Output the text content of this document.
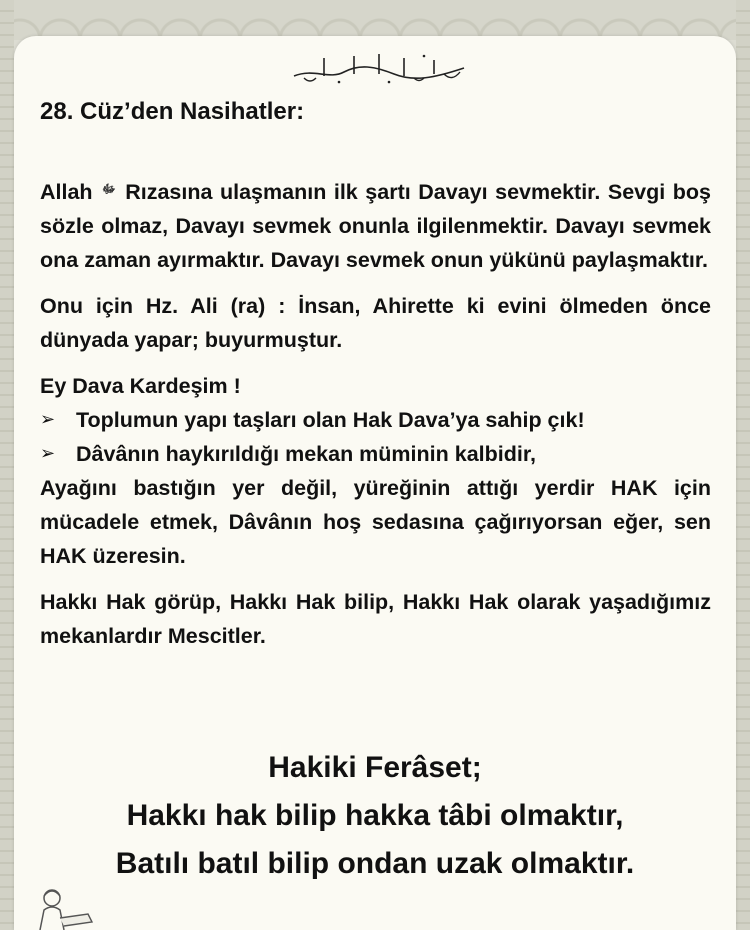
28. Cüz’den Nasihatler:

Allah ﷻ Rızasına ulaşmanın ilk şartı Davayı sevmektir. Sevgi boş sözle olmaz, Davayı sevmek onunla ilgilenmektir. Davayı sevmek ona zaman ayırmaktır. Davayı sevmek onun yükünü paylaşmaktır.

Onu için Hz. Ali (ra) : İnsan, Ahirette ki evini ölmeden önce dünyada yapar; buyurmuştur.

Ey Dava Kardeşim !

➢ Toplumun yapı taşları olan Hak Dava’ya sahip çık!
➢ Dâvânın haykırıldığı mekan müminin kalbidir,

Ayağını bastığın yer değil, yüreğinin attığı yerdir HAK için mücadele etmek, Dâvânın hoş sedasına çağırıyorsan eğer, sen HAK üzeresin.

Hakkı Hak görüp, Hakkı Hak bilip, Hakkı Hak olarak yaşadığımız mekanlardır Mescitler.

Hakiki Ferâset;
Hakkı hak bilip hakka tâbi olmaktır,
Batılı batıl bilip ondan uzak olmaktır.
